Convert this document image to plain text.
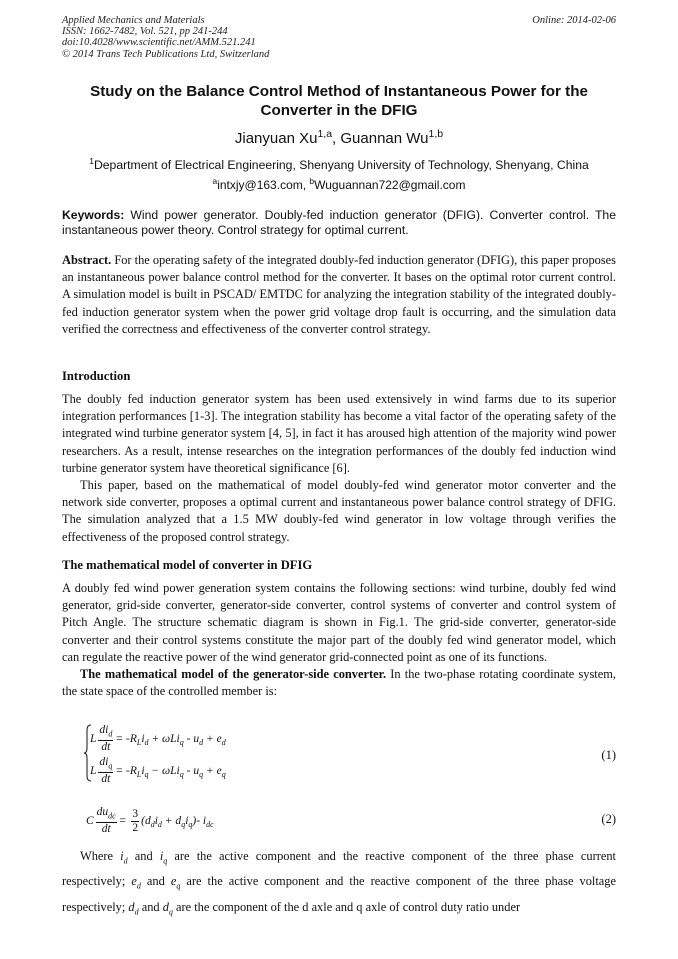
Applied Mechanics and Materials
ISSN: 1662-7482, Vol. 521, pp 241-244
doi:10.4028/www.scientific.net/AMM.521.241
© 2014 Trans Tech Publications Ltd, Switzerland
Online: 2014-02-06
Study on the Balance Control Method of Instantaneous Power for the Converter in the DFIG
Jianyuan Xu$^{1,a}$, Guannan Wu$^{1,b}$
$^1$Department of Electrical Engineering, Shenyang University of Technology, Shenyang, China
$^a$intxjy@163.com, $^b$Wuguannan722@gmail.com
Keywords: Wind power generator. Doubly-fed induction generator (DFIG). Converter control. The instantaneous power theory. Control strategy for optimal current.

Abstract. For the operating safety of the integrated doubly-fed induction generator (DFIG), this paper proposes an instantaneous power balance control method for the converter. It bases on the optimal rotor current control. A simulation model is built in PSCAD/ EMTDC for analyzing the integration stability of the integrated doubly-fed induction generator system when the power grid voltage drop fault is occurring, and the simulation data verified the correctness and effectiveness of the converter control strategy.

Introduction

The doubly fed induction generator system has been used extensively in wind farms due to its superior integration performances [1-3]. The integration stability has become a vital factor of the operating safety of the integrated wind turbine generator system [4, 5], in fact it has aroused high attention of the majority wind power researchers. As a result, intense researches on the integration performances of the doubly fed induction wind turbine generator system have theoretical significance [6].

This paper, based on the mathematical of model doubly-fed wind generator motor converter and the network side converter, proposes a optimal current and instantaneous power balance control strategy of DFIG. The simulation analyzed that a 1.5 MW doubly-fed wind generator in low voltage through verifies the effectiveness of the proposed control strategy.

The mathematical model of converter in DFIG

A doubly fed wind power generation system contains the following sections: wind turbine, doubly fed wind generator, grid-side converter, generator-side converter, control systems of converter and control system of Pitch Angle. The structure schematic diagram is shown in Fig.1. The grid-side converter, generator-side converter and their control systems constitute the major part of the doubly fed wind generator model, which can regulate the reactive power of the wind generator grid-connected point as one of its functions.

The mathematical model of the generator-side converter. In the two-phase rotating coordinate system, the state space of the controlled member is:

L $\frac{di_d}{dt} = -R_Li_d + \omega Li_q - u_d + e_d$
L $\frac{di_q}{dt} = -R_Li_q - \omega Li_q - u_q + e_q$
(1)
C $\frac{du_{dc}}{dt} = \frac{3}{2} (d_di_d + d_qi_q)-$ $i_{dc}$	(2)
Where $i_d$ and $i_q$ are the active component and the reactive component of the three phase current respectively; $e_d$ and $e_q$ are the active component and the reactive component of the three phase voltage respectively; $d_d$ and $d_q$ are the component of the d axle and q axle of control duty ratio under
